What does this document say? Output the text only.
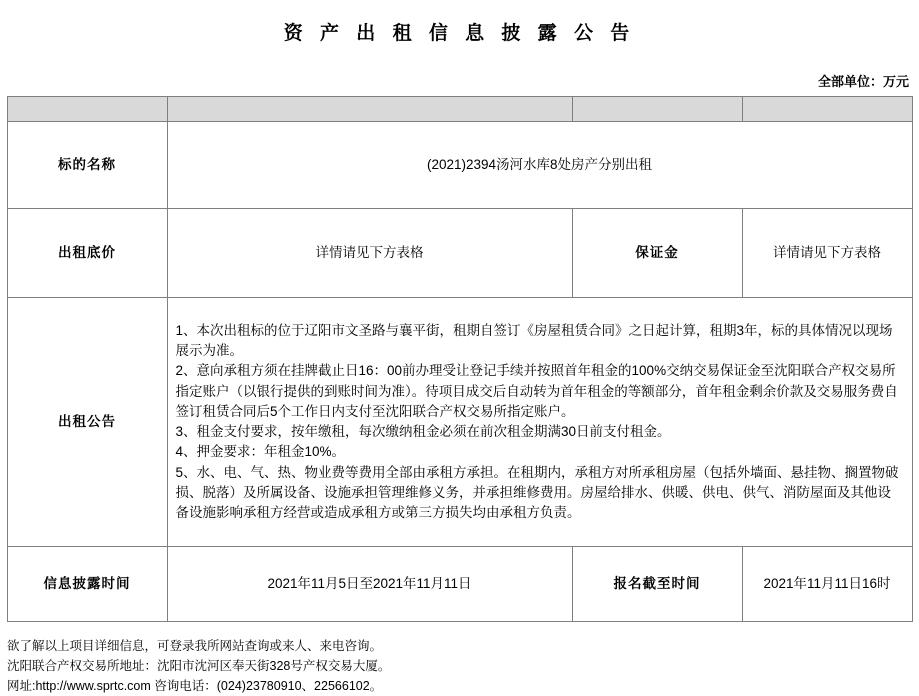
资 产 出 租 信 息 披 露 公 告
全部单位：万元

标的名称	(2021)2394汤河水库8处房产分别出租		
出租底价	详情请见下方表格	保证金	详情请见下方表格
出租公告	1、本次出租标的位于辽阳市文圣路与襄平街，租期自签订《房屋租赁合同》之日起计算，租期3年，标的具体情况以现场展示为准。

2、意向承租方须在挂牌截止日16：00前办理受让登记手续并按照首年租金的100%交纳交易保证金至沈阳联合产权交易所指定账户（以银行提供的到账时间为准）。待项目成交后自动转为首年租金的等额部分，首年租金剩余价款及交易服务费自签订租赁合同后5个工作日内支付至沈阳联合产权交易所指定账户。

3、租金支付要求，按年缴租，每次缴纳租金必须在前次租金期满30日前支付租金。

4、押金要求：年租金10%。

5、水、电、气、热、物业费等费用全部由承租方承担。在租期内，承租方对所承租房屋（包括外墙面、悬挂物、搁置物破损、脱落）及所属设备、设施承担管理维修义务，并承担维修费用。房屋给排水、供暖、供电、供气、消防屋面及其他设备设施影响承租方经营或造成承租方或第三方损失均由承租方负责。		

信息披露时间	2021年11月5日至2021年11月11日	报名截至时间	2021年11月11日16时
欲了解以上项目详细信息，可登录我所网站查询或来人、来电咨询。
沈阳联合产权交易所地址：沈阳市沈河区奉天街328号产权交易大厦。
网址:http://www.sprtc.com 咨询电话：(024)23780910、22566102。
